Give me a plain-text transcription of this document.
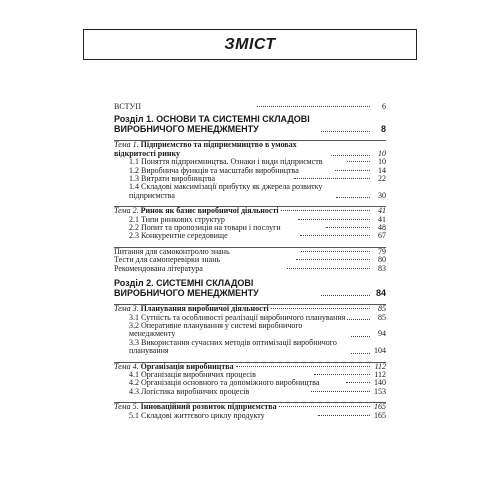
ЗМІСТ
ВСТУП	6
Розділ 1. ОСНОВИ ТА СИСТЕМНІ СКЛАДОВІ ВИРОБНИЧОГО МЕНЕДЖМЕНТУ	8
Тема 1. Підприємство та підприємництво в умовах відкритості ринку	10
1.1 Поняття підприємництва. Ознаки і види підприємств	10
1.2 Виробнича функція та масштаби виробництва	14
1.3 Витрати виробництва	22
1.4 Складові максимізації прибутку як джерела розвитку підприємства	30
Тема 2. Ринок як базис виробничої діяльності	41
2.1 Типи ринкових структур	41
2.2 Попит та пропозиція на товари і послуги	48
2.3 Конкурентне середовище	67
Питання для самоконтролю знань	79
Тести для самоперевірки знань	80
Рекомендована література	83
Розділ 2. СИСТЕМНІ СКЛАДОВІ ВИРОБНИЧОГО МЕНЕДЖМЕНТУ	84
Тема 3. Планування виробничої діяльності	85
3.1 Сутність та особливості реалізації виробничого планування	85
3.2 Оперативне планування у системі виробничого менеджменту	94
3.3 Використання сучасних методів оптимізації виробничого планування	104
Тема 4. Організація виробництва	112
4.1 Організація виробничих процесів	112
4.2 Організація основного та допоміжного виробництва	140
4.3 Логістика виробничих процесів	153
Тема 5. Інноваційний розвиток підприємства	165
5.1 Складові життєвого циклу продукту	165
